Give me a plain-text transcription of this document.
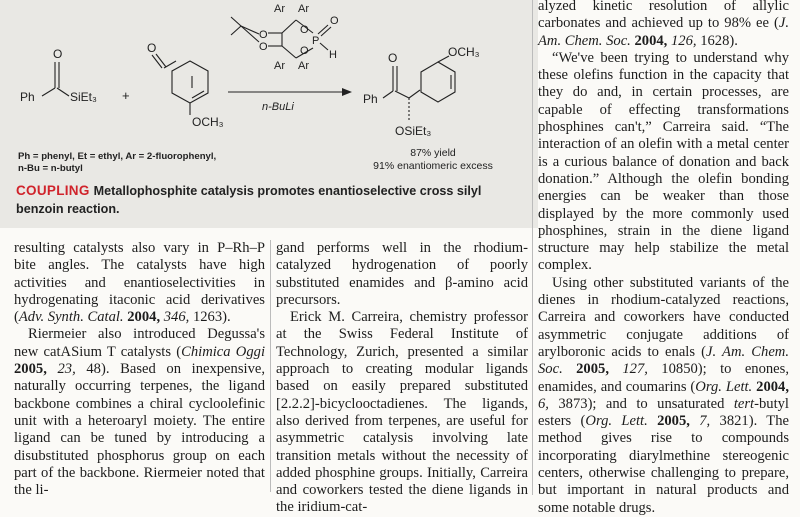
Ph
O
SiEt₃ +
O
OCH₃
Ar Ar
Ar Ar
O
O
O
O
P
O
H
n-BuLi
Ph
O	OCH₃
OSiEt₃
Ph = phenyl, Et = ethyl, Ar = 2-fluorophenyl,
n-Bu = n-butyl
87% yield
91% enantiomeric excess
COUPLING Metallophosphite catalysis promotes enantioselective cross silyl benzoin reaction.

resulting catalysts also vary in P–Rh–P bite angles. The catalysts have high activities and enantioselectivities in hydrogenating itaconic acid derivatives (Adv. Synth. Catal. 2004, 346, 1263).

Riermeier also introduced Degussa's new catASium T catalysts (Chimica Oggi 2005, 23, 48). Based on inexpensive, naturally occurring terpenes, the ligand backbone combines a chiral cycloolefinic unit with a heteroaryl moiety. The entire ligand can be tuned by introducing a disubstituted phosphorus group on each part of the backbone. Riermeier noted that the li-

gand performs well in the rhodium-catalyzed hydrogenation of poorly substituted enamides and β-amino acid precursors.

Erick M. Carreira, chemistry professor at the Swiss Federal Institute of Technology, Zurich, presented a similar approach to creating modular ligands based on easily prepared substituted [2.2.2]-bicyclooctadienes. The ligands, also derived from terpenes, are useful for asymmetric catalysis involving late transition metals without the necessity of added phosphine groups. Initially, Carreira and coworkers tested the diene ligands in the iridium-cat-

alyzed kinetic resolution of allylic carbonates and achieved up to 98% ee (J. Am. Chem. Soc. 2004, 126, 1628).

“We've been trying to understand why these olefins function in the capacity that they do and, in certain processes, are capable of effecting transformations phosphines can't,” Carreira said. “The interaction of an olefin with a metal center is a curious balance of donation and back donation.” Although the olefin bonding energies can be weaker than those displayed by the more commonly used phosphines, strain in the diene ligand structure may help stabilize the metal complex.

Using other substituted variants of the dienes in rhodium-catalyzed reactions, Carreira and coworkers have conducted asymmetric conjugate additions of arylboronic acids to enals (J. Am. Chem. Soc. 2005, 127, 10850); to enones, enamides, and coumarins (Org. Lett. 2004, 6, 3873); and to unsaturated tert-butyl esters (Org. Lett. 2005, 7, 3821). The method gives rise to compounds incorporating diarylmethine stereogenic centers, otherwise challenging to prepare, but important in natural products and some notable drugs.
